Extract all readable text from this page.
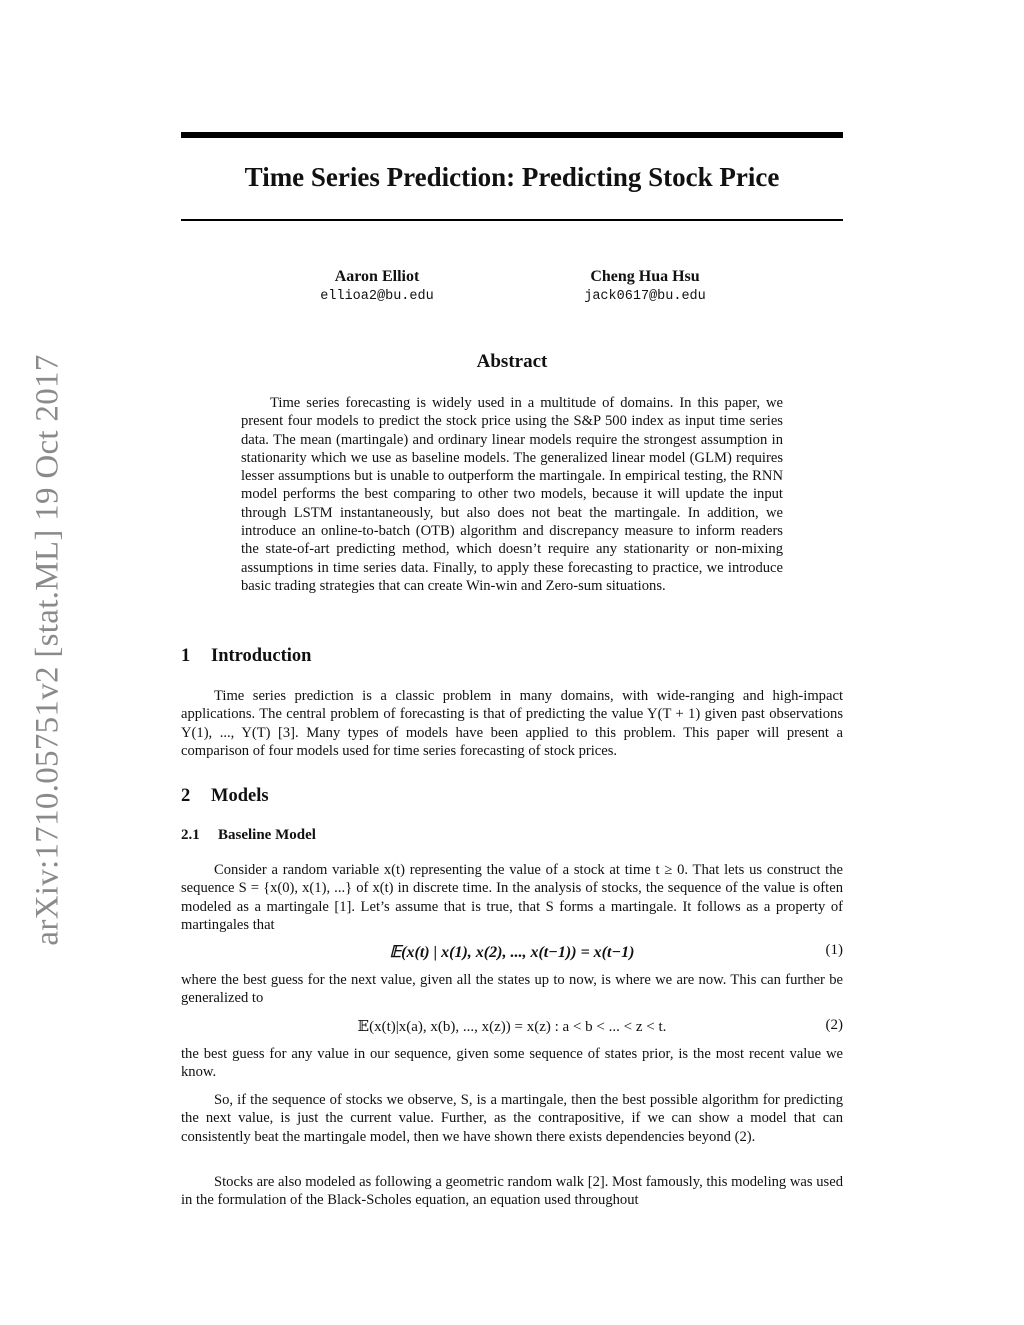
arXiv:1710.05751v2 [stat.ML] 19 Oct 2017
Time Series Prediction: Predicting Stock Price
Aaron Elliot
ellioa2@bu.edu
Cheng Hua Hsu
jack0617@bu.edu
Abstract

Time series forecasting is widely used in a multitude of domains. In this paper, we present four models to predict the stock price using the S&P 500 index as input time series data. The mean (martingale) and ordinary linear models require the strongest assumption in stationarity which we use as baseline models. The generalized linear model (GLM) requires lesser assumptions but is unable to outperform the martingale. In empirical testing, the RNN model performs the best comparing to other two models, because it will update the input through LSTM instantaneously, but also does not beat the martingale. In addition, we introduce an online-to-batch (OTB) algorithm and discrepancy measure to inform readers the state-of-art predicting method, which doesn’t require any stationarity or non-mixing assumptions in time series data. Finally, to apply these forecasting to practice, we introduce basic trading strategies that can create Win-win and Zero-sum situations.

1 Introduction

Time series prediction is a classic problem in many domains, with wide-ranging and high-impact applications. The central problem of forecasting is that of predicting the value Y(T + 1) given past observations Y(1), ..., Y(T) [3]. Many types of models have been applied to this problem. This paper will present a comparison of four models used for time series forecasting of stock prices.

2 Models
2.1 Baseline Model

Consider a random variable x(t) representing the value of a stock at time t ≥ 0. That lets us construct the sequence S = {x(0), x(1), ...} of x(t) in discrete time. In the analysis of stocks, the sequence of the value is often modeled as a martingale [1]. Let’s assume that is true, that S forms a martingale. It follows as a property of martingales that

𝔼(x(t) | x(1), x(2), ..., x(t−1)) = x(t−1)	(1)

where the best guess for the next value, given all the states up to now, is where we are now. This can further be generalized to

𝔼(x(t)|x(a), x(b), ..., x(z)) = x(z) : a < b < ... < z < t.	(2)

the best guess for any value in our sequence, given some sequence of states prior, is the most recent value we know.

So, if the sequence of stocks we observe, S, is a martingale, then the best possible algorithm for predicting the next value, is just the current value. Further, as the contrapositive, if we can show a model that can consistently beat the martingale model, then we have shown there exists dependencies beyond (2).

Stocks are also modeled as following a geometric random walk [2]. Most famously, this modeling was used in the formulation of the Black-Scholes equation, an equation used throughout
